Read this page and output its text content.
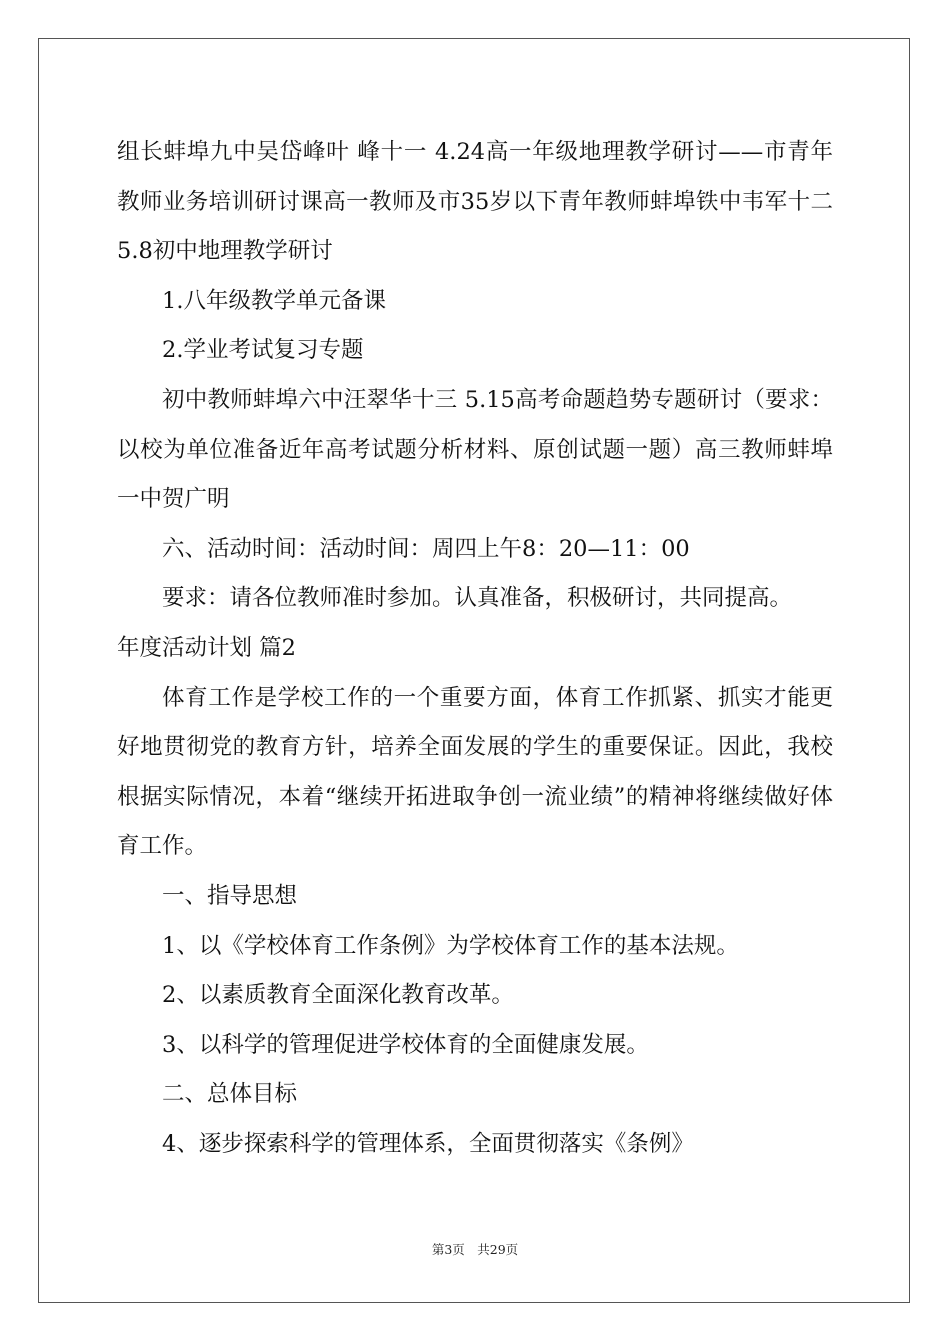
组长蚌埠九中吴岱峰叶 峰十一 4.24高一年级地理教学研讨——市青年教师业务培训研讨课高一教师及市35岁以下青年教师蚌埠铁中韦军十二 5.8初中地理教学研讨

1.八年级教学单元备课

2.学业考试复习专题

初中教师蚌埠六中汪翠华十三 5.15高考命题趋势专题研讨（要求：以校为单位准备近年高考试题分析材料、原创试题一题）高三教师蚌埠一中贺广明

六、活动时间：活动时间：周四上午8：20—11：00

要求：请各位教师准时参加。认真准备，积极研讨，共同提高。

年度活动计划 篇2

体育工作是学校工作的一个重要方面，体育工作抓紧、抓实才能更好地贯彻党的教育方针，培养全面发展的学生的重要保证。因此，我校根据实际情况，本着“继续开拓进取争创一流业绩”的精神将继续做好体育工作。

一、指导思想

1、以《学校体育工作条例》为学校体育工作的基本法规。

2、以素质教育全面深化教育改革。

3、以科学的管理促进学校体育的全面健康发展。

二、总体目标

4、逐步探索科学的管理体系，全面贯彻落实《条例》

第3页　共29页
